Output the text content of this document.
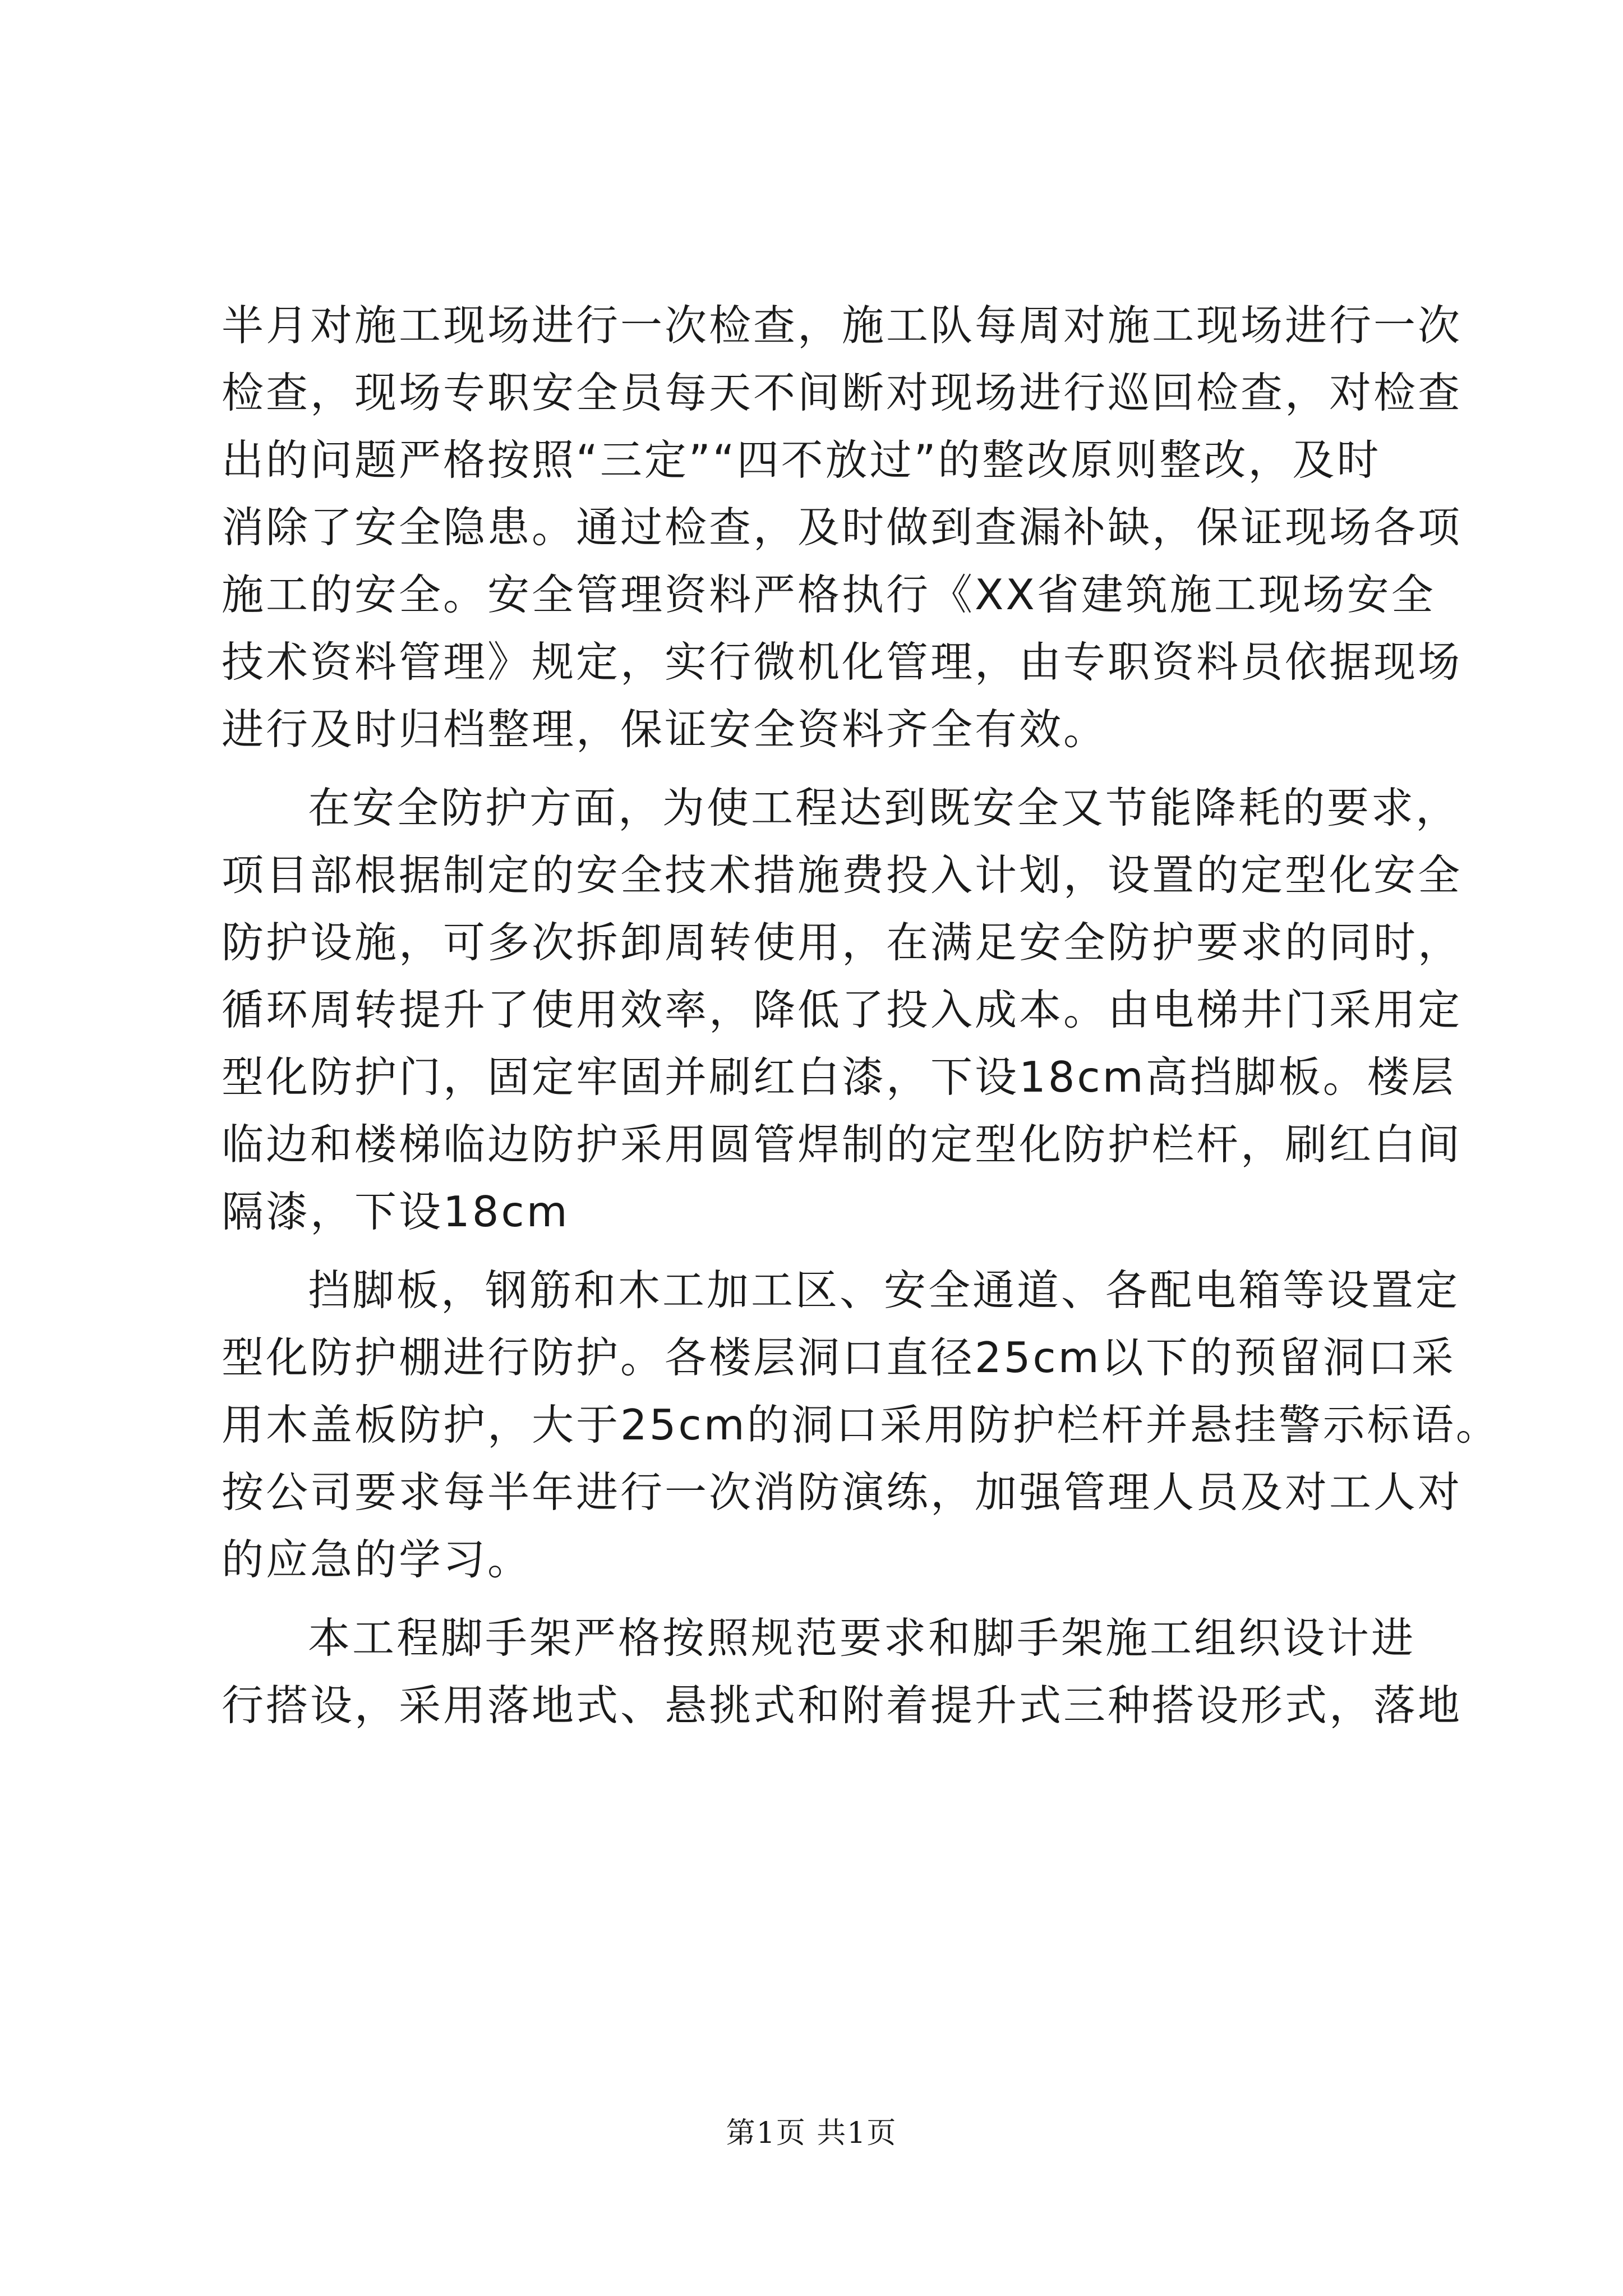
半月对施工现场进行一次检查，施工队每周对施工现场进行一次
检查，现场专职安全员每天不间断对现场进行巡回检查，对检查
出的问题严格按照“三定”“四不放过”的整改原则整改，及时
消除了安全隐患。通过检查，及时做到查漏补缺，保证现场各项
施工的安全。安全管理资料严格执行《XX省建筑施工现场安全
技术资料管理》规定，实行微机化管理，由专职资料员依据现场
进行及时归档整理，保证安全资料齐全有效。

在安全防护方面，为使工程达到既安全又节能降耗的要求，
项目部根据制定的安全技术措施费投入计划，设置的定型化安全
防护设施，可多次拆卸周转使用，在满足安全防护要求的同时，
循环周转提升了使用效率，降低了投入成本。由电梯井门采用定
型化防护门，固定牢固并刷红白漆，下设18cm高挡脚板。楼层
临边和楼梯临边防护采用圆管焊制的定型化防护栏杆，刷红白间
隔漆，下设18cm

挡脚板，钢筋和木工加工区、安全通道、各配电箱等设置定
型化防护棚进行防护。各楼层洞口直径25cm以下的预留洞口采
用木盖板防护，大于25cm的洞口采用防护栏杆并悬挂警示标语。
按公司要求每半年进行一次消防演练，加强管理人员及对工人对
的应急的学习。

本工程脚手架严格按照规范要求和脚手架施工组织设计进
行搭设，采用落地式、悬挑式和附着提升式三种搭设形式，落地

第1页 共1页
